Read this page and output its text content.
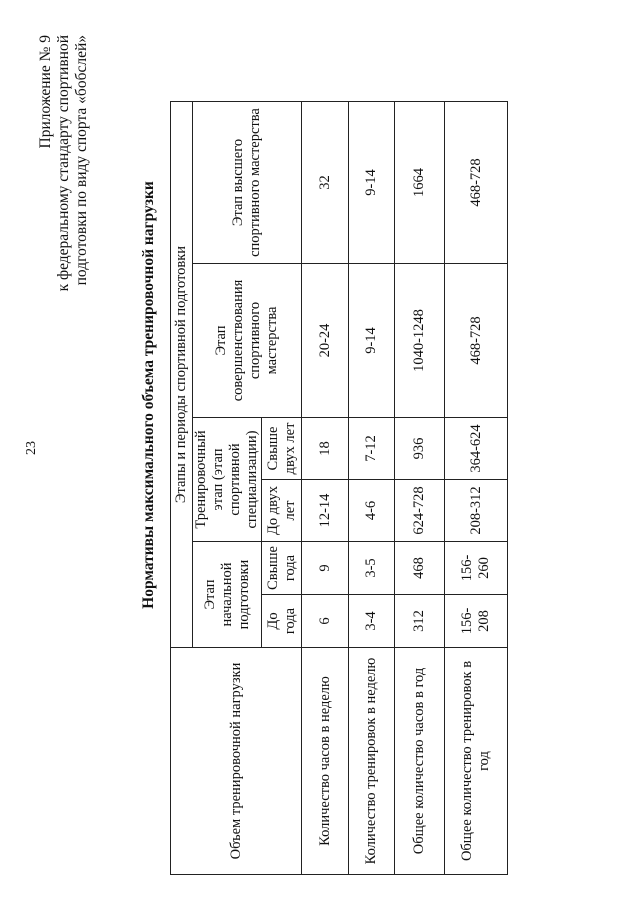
23
Приложение № 9 к федеральному стандарту спортивной подготовки по виду спорта «бобслей»
Нормативы максимального объема тренировочной нагрузки
Объем тренировочной нагрузки	Этапы и периоды спортивной подготовки					
	Этап начальной подготовки		Тренировочный этап (этап спортивной специализации)		Этап совершенствования спортивного мастерства	Этап высшего спортивного мастерства
	До года	Свыше года	До двух лет	Свыше двух лет		
Количество часов в неделю	6	9	12-14	18	20-24	32
Количество тренировок в неделю	3-4	3-5	4-6	7-12	9-14	9-14
Общее количество часов в год	312	468	624-728	936	1040-1248	1664
Общее количество тренировок в год	156-208	156-260	208-312	364-624	468-728	468-728
